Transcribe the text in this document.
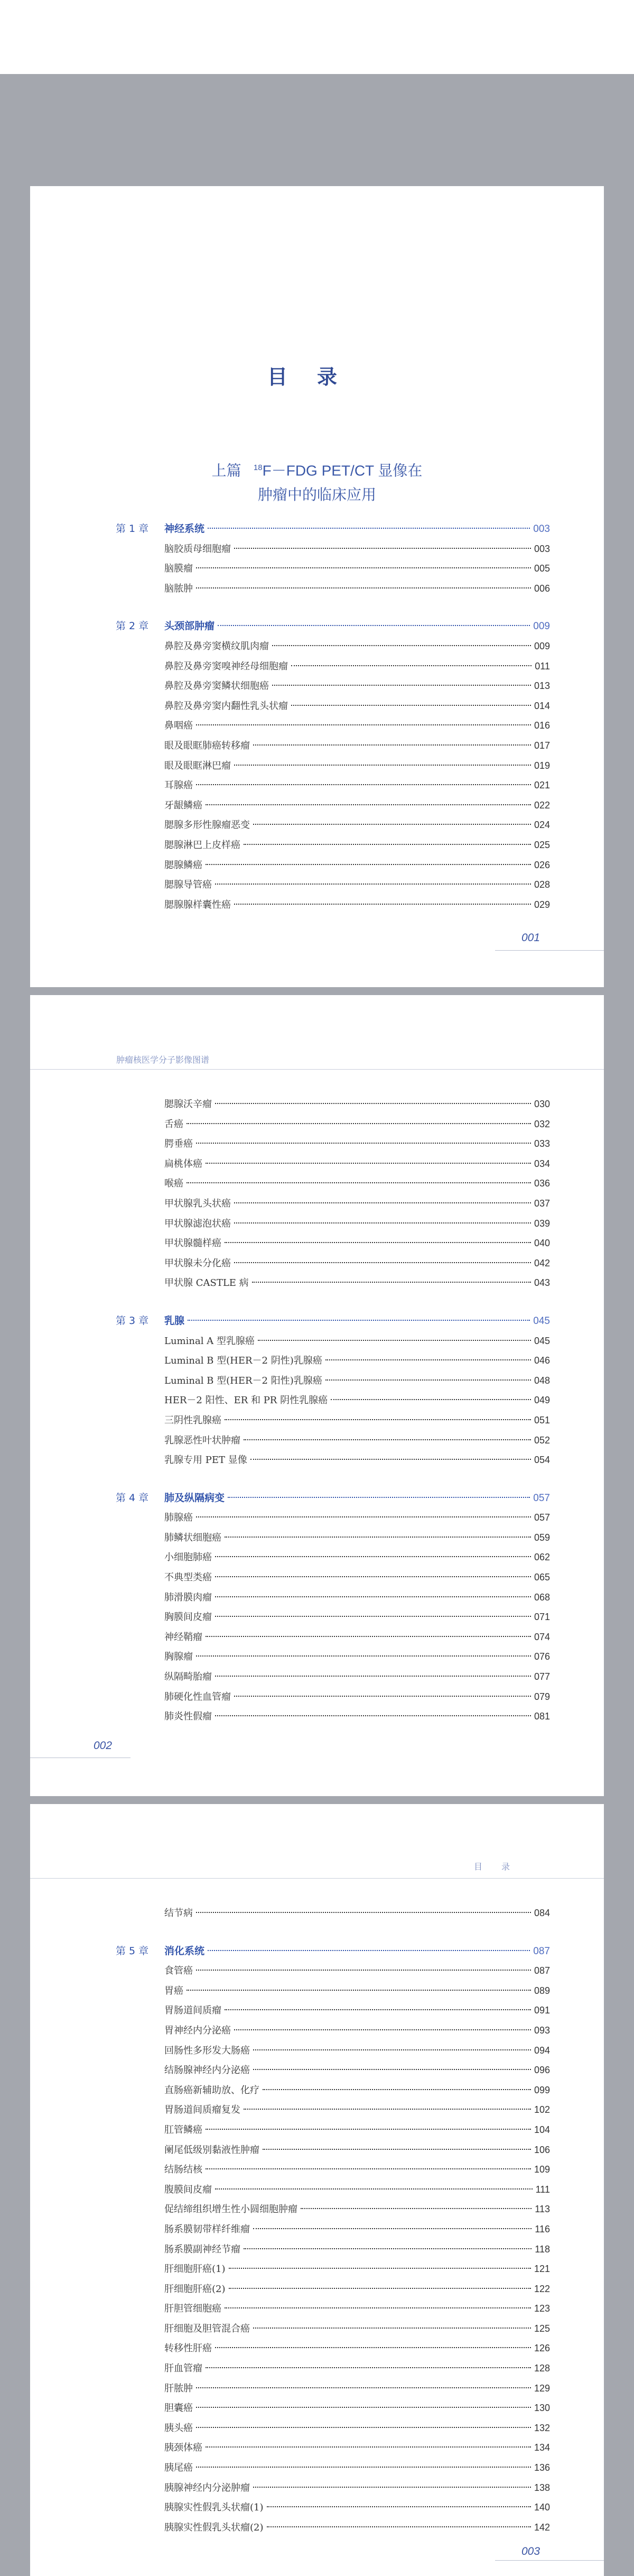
目录
上篇 $^{18}$F－FDG PET/CT 显像在
肿瘤中的临床应用
第 1 章	神经系统	003
脑胶质母细胞瘤	003
脑膜瘤	005
脑脓肿	006
第 2 章	头颈部肿瘤	009
鼻腔及鼻旁窦横纹肌肉瘤	009
鼻腔及鼻旁窦嗅神经母细胞瘤	011
鼻腔及鼻旁窦鳞状细胞癌	013
鼻腔及鼻旁窦内翻性乳头状瘤	014
鼻咽癌	016
眼及眼眶肺癌转移瘤	017
眼及眼眶淋巴瘤	019
耳腺癌	021
牙龈鳞癌	022
腮腺多形性腺瘤恶变	024
腮腺淋巴上皮样癌	025
腮腺鳞癌	026
腮腺导管癌	028
腮腺腺样囊性癌	029
001
肿瘤核医学分子影像图谱
腮腺沃辛瘤	030
舌癌	032
腭垂癌	033
扁桃体癌	034
喉癌	036
甲状腺乳头状癌	037
甲状腺滤泡状癌	039
甲状腺髓样癌	040
甲状腺未分化癌	042
甲状腺 CASTLE 病	043
第 3 章	乳腺	045
Luminal A 型乳腺癌	045
Luminal B 型(HER－2 阴性)乳腺癌	046
Luminal B 型(HER－2 阳性)乳腺癌	048
HER－2 阳性、ER 和 PR 阴性乳腺癌	049
三阴性乳腺癌	051
乳腺恶性叶状肿瘤	052
乳腺专用 PET 显像	054
第 4 章	肺及纵隔病变	057
肺腺癌	057
肺鳞状细胞癌	059
小细胞肺癌	062
不典型类癌	065
肺滑膜肉瘤	068
胸膜间皮瘤	071
神经鞘瘤	074
胸腺瘤	076
纵隔畸胎瘤	077
肺硬化性血管瘤	079
肺炎性假瘤	081
002
目　录
结节病	084
第 5 章	消化系统	087
食管癌	087
胃癌	089
胃肠道间质瘤	091
胃神经内分泌癌	093
回肠性多形发大肠癌	094
结肠腺神经内分泌癌	096
直肠癌新辅助放、化疗	099
胃肠道间质瘤复发	102
肛管鳞癌	104
阑尾低级别黏液性肿瘤	106
结肠结核	109
腹膜间皮瘤	111
促结缔组织增生性小圆细胞肿瘤	113
肠系膜韧带样纤维瘤	116
肠系膜副神经节瘤	118
肝细胞肝癌(1)	121
肝细胞肝癌(2)	122
肝胆管细胞癌	123
肝细胞及胆管混合癌	125
转移性肝癌	126
肝血管瘤	128
肝脓肿	129
胆囊癌	130
胰头癌	132
胰颈体癌	134
胰尾癌	136
胰腺神经内分泌肿瘤	138
胰腺实性假乳头状瘤(1)	140
胰腺实性假乳头状瘤(2)	142
003
